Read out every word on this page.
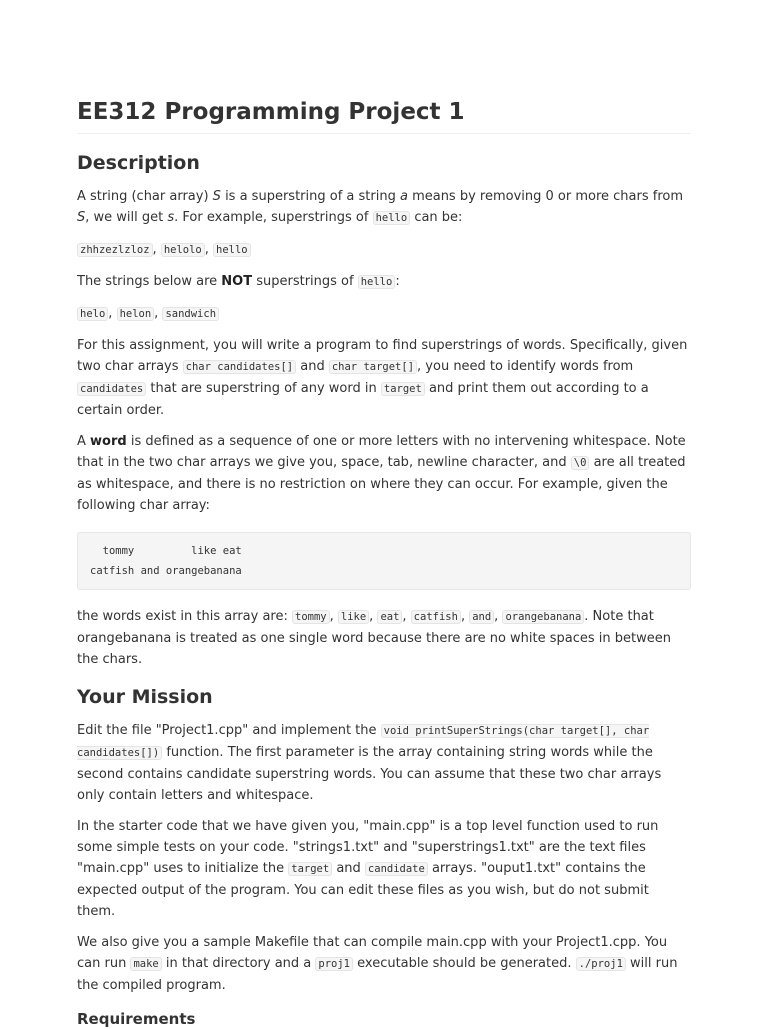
EE312 Programming Project 1
Description

A string (char array) S is a superstring of a string a means by removing 0 or more chars from S, we will get s. For example, superstrings of hello can be:

zhhzezlzloz , helolo , hello

The strings below are NOT superstrings of hello :

helo , helon , sandwich

For this assignment, you will write a program to find superstrings of words. Specifically, given two char arrays char candidates[] and char target[] , you need to identify words from candidates that are superstring of any word in target and print them out according to a certain order.

A word is defined as a sequence of one or more letters with no intervening whitespace. Note that in the two char arrays we give you, space, tab, newline character, and \0 are all treated as whitespace, and there is no restriction on where they can occur. For example, given the following char array:

tommy         like eat
catfish and orangebanana

the words exist in this array are: tommy , like , eat , catfish , and , orangebanana . Note that orangebanana is treated as one single word because there are no white spaces in between the chars.

Your Mission

Edit the file "Project1.cpp" and implement the void printSuperStrings(char target[], char candidates[]) function. The first parameter is the array containing string words while the second contains candidate superstring words. You can assume that these two char arrays only contain letters and whitespace.

In the starter code that we have given you, "main.cpp" is a top level function used to run some simple tests on your code. "strings1.txt" and "superstrings1.txt" are the text files "main.cpp" uses to initialize the target and candidate arrays. "ouput1.txt" contains the expected output of the program. You can edit these files as you wish, but do not submit them.

We also give you a sample Makefile that can compile main.cpp with your Project1.cpp. You can run make in that directory and a proj1 executable should be generated. ./proj1 will run the compiled program.

Requirements
